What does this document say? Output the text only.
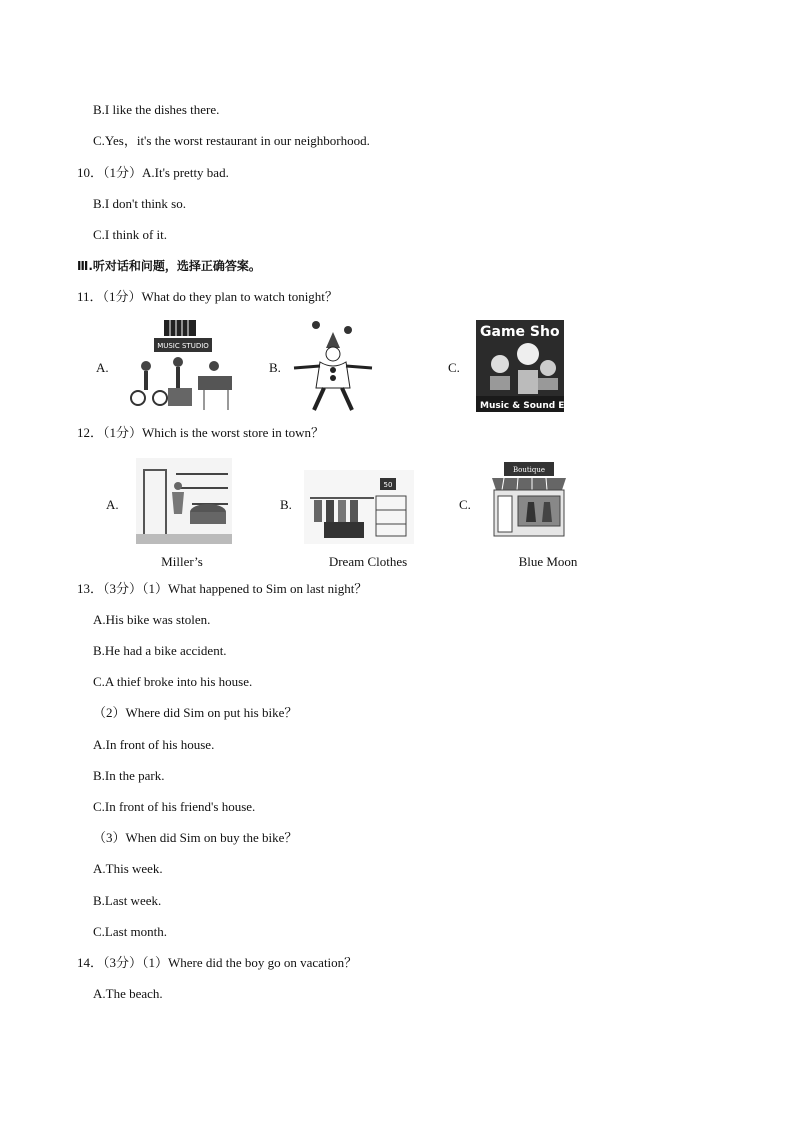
B.I like the dishes there.
C.Yes，it's the worst restaurant in our neighborhood.
10．（1分）A.It's pretty bad.
B.I don't think so.
C.I think of it.
Ⅲ.听对话和问题，选择正确答案。
11．（1分）What do they plan to watch tonight？
A.
MUSIC STUDIO
B.	C.
Game Sho
Music & Sound Effe
12．（1分）Which is the worst store in town？
A.
Miller’s
B.
50
Dream Clothes
C.
Boutique
Blue Moon
13．（3分）（1）What happened to Sim on last night？
A.His bike was stolen.
B.He had a bike accident.
C.A thief broke into his house.
（2）Where did Sim on put his bike？
A.In front of his house.
B.In the park.
C.In front of his friend's house.
（3）When did Sim on buy the bike？
A.This week.
B.Last week.
C.Last month.
14．（3分）（1）Where did the boy go on vacation？
A.The beach.
